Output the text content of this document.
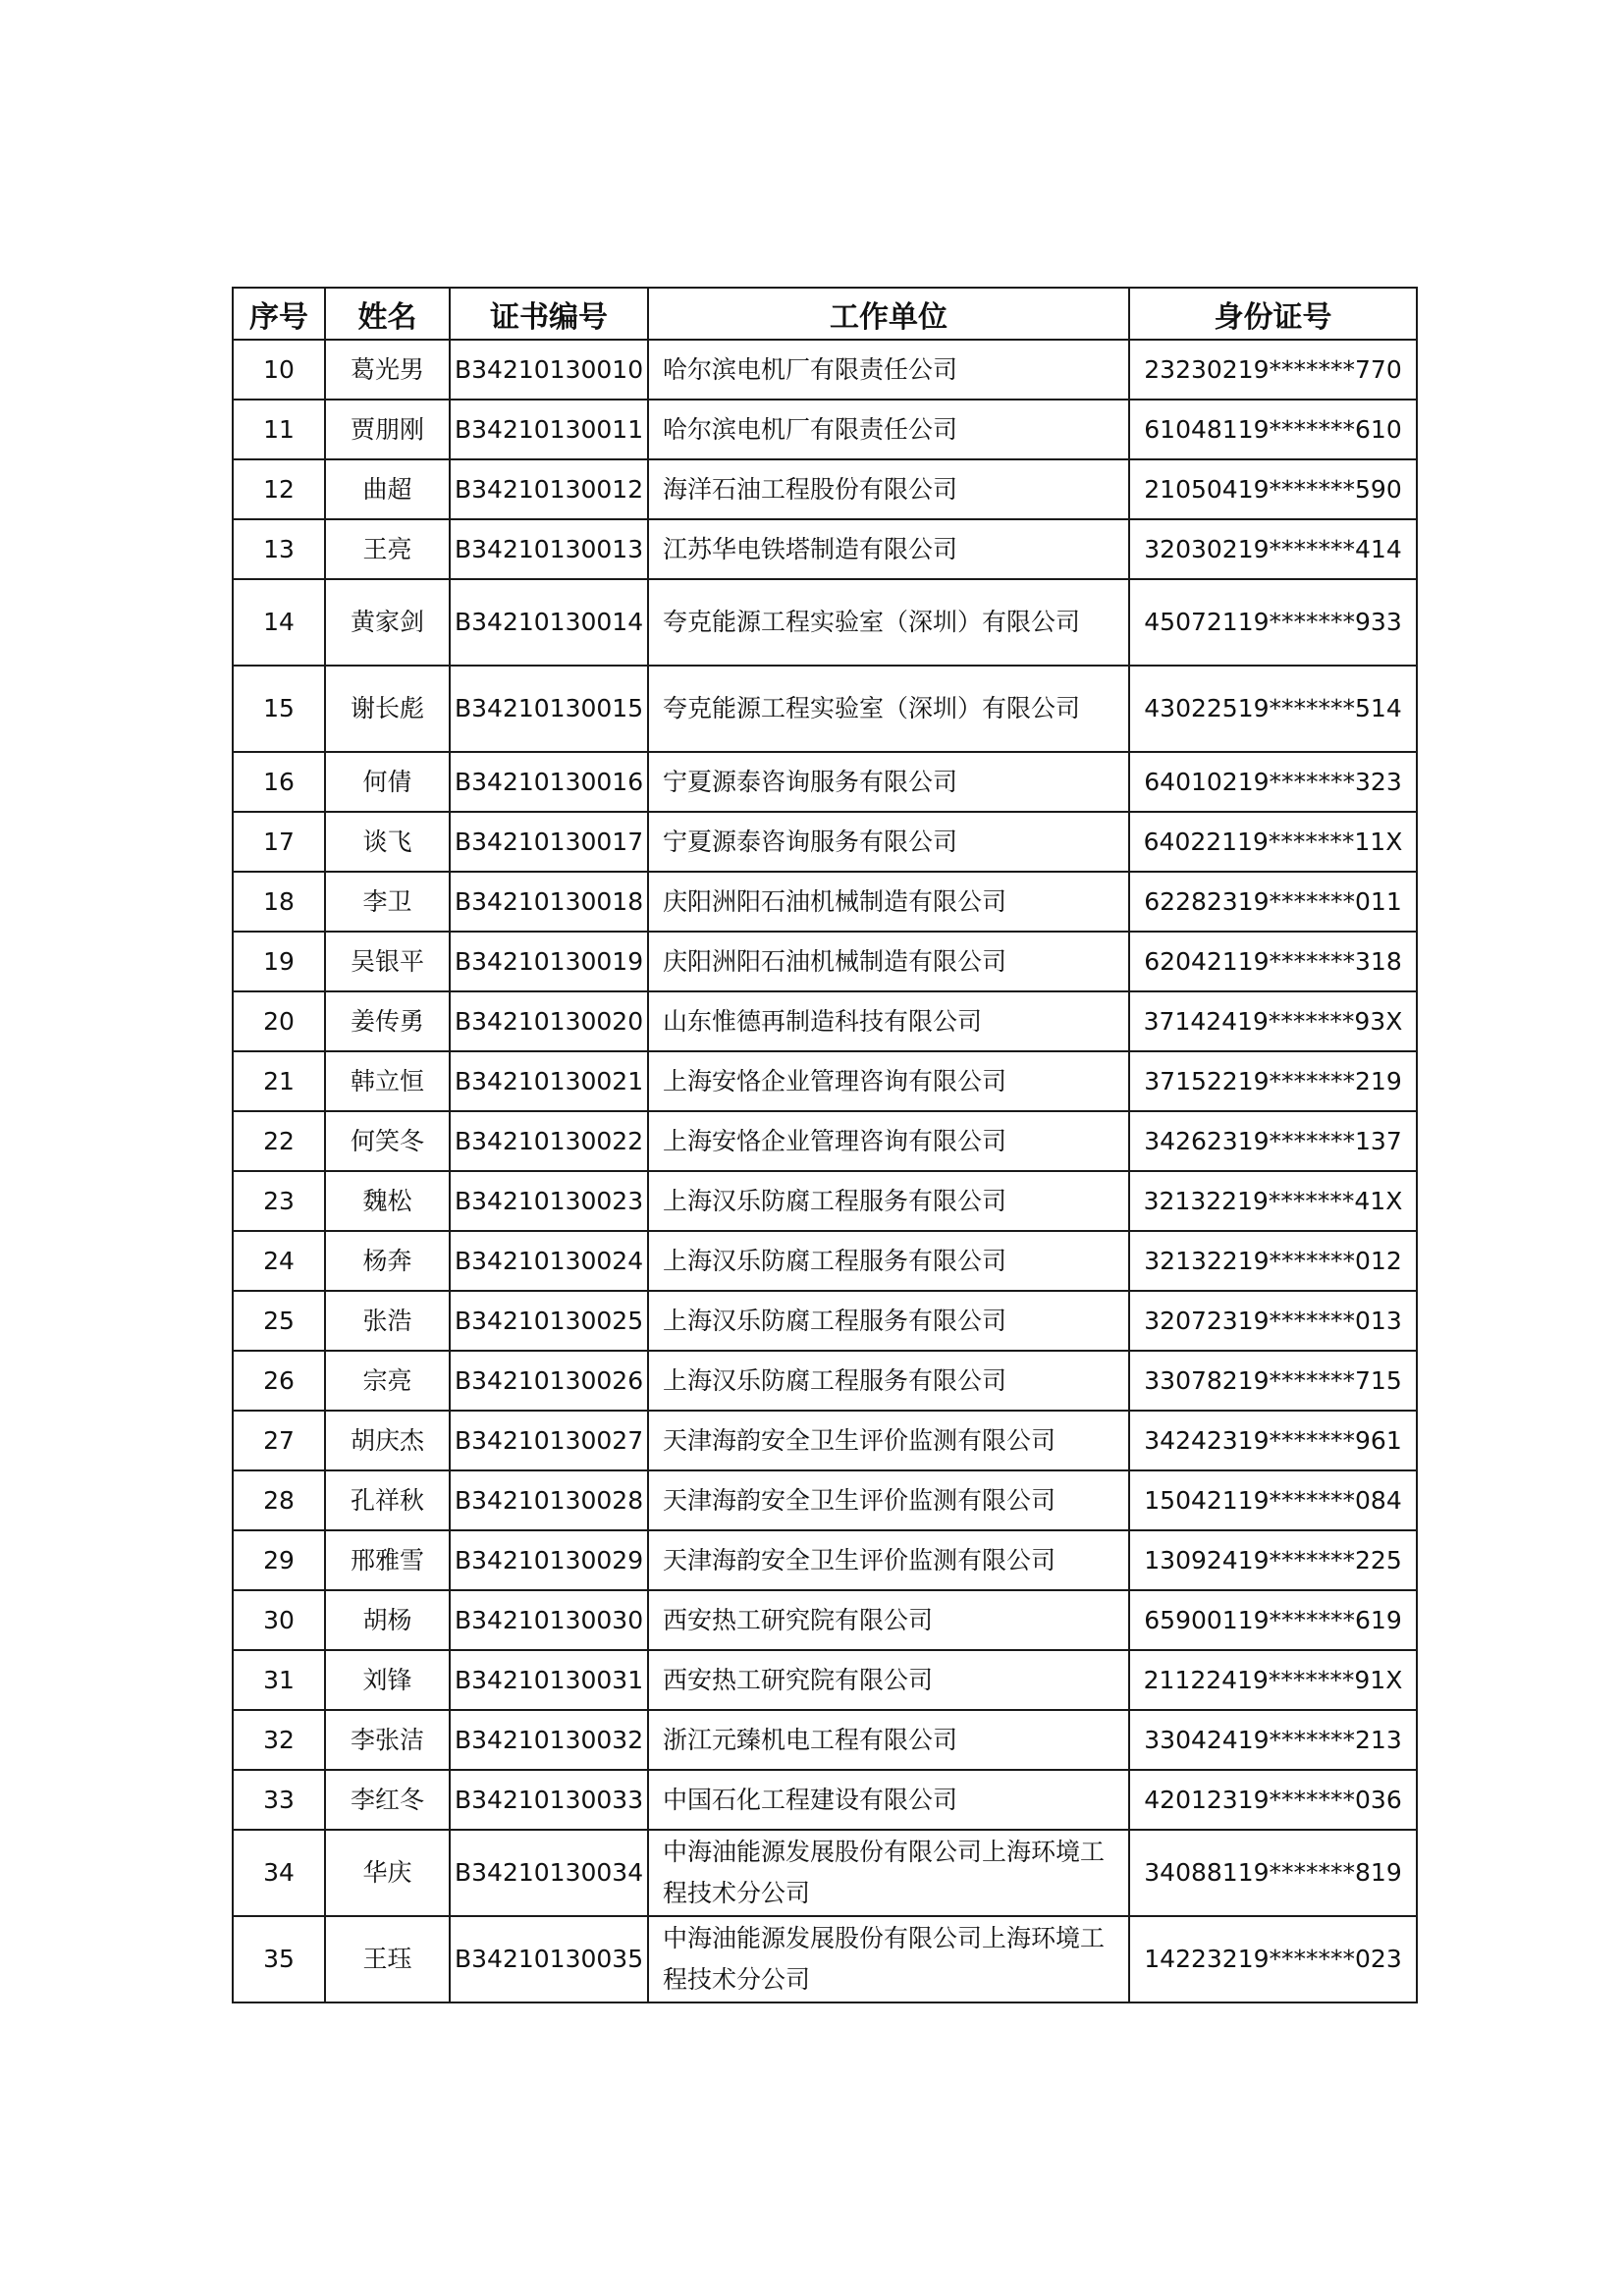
序号	姓名	证书编号	工作单位	身份证号
10	葛光男	B34210130010	哈尔滨电机厂有限责任公司	23230219*******770
11	贾朋刚	B34210130011	哈尔滨电机厂有限责任公司	61048119*******610
12	曲超	B34210130012	海洋石油工程股份有限公司	21050419*******590
13	王亮	B34210130013	江苏华电铁塔制造有限公司	32030219*******414
14	黄家剑	B34210130014	夸克能源工程实验室（深圳）有限公司	45072119*******933
15	谢长彪	B34210130015	夸克能源工程实验室（深圳）有限公司	43022519*******514
16	何倩	B34210130016	宁夏源泰咨询服务有限公司	64010219*******323
17	谈飞	B34210130017	宁夏源泰咨询服务有限公司	64022119*******11X
18	李卫	B34210130018	庆阳洲阳石油机械制造有限公司	62282319*******011
19	吴银平	B34210130019	庆阳洲阳石油机械制造有限公司	62042119*******318
20	姜传勇	B34210130020	山东惟德再制造科技有限公司	37142419*******93X
21	韩立恒	B34210130021	上海安恪企业管理咨询有限公司	37152219*******219
22	何笑冬	B34210130022	上海安恪企业管理咨询有限公司	34262319*******137
23	魏松	B34210130023	上海汉乐防腐工程服务有限公司	32132219*******41X
24	杨奔	B34210130024	上海汉乐防腐工程服务有限公司	32132219*******012
25	张浩	B34210130025	上海汉乐防腐工程服务有限公司	32072319*******013
26	宗亮	B34210130026	上海汉乐防腐工程服务有限公司	33078219*******715
27	胡庆杰	B34210130027	天津海韵安全卫生评价监测有限公司	34242319*******961
28	孔祥秋	B34210130028	天津海韵安全卫生评价监测有限公司	15042119*******084
29	邢雅雪	B34210130029	天津海韵安全卫生评价监测有限公司	13092419*******225
30	胡杨	B34210130030	西安热工研究院有限公司	65900119*******619
31	刘锋	B34210130031	西安热工研究院有限公司	21122419*******91X
32	李张洁	B34210130032	浙江元臻机电工程有限公司	33042419*******213
33	李红冬	B34210130033	中国石化工程建设有限公司	42012319*******036
34	华庆	B34210130034	中海油能源发展股份有限公司上海环境工程技术分公司	34088119*******819
35	王珏	B34210130035	中海油能源发展股份有限公司上海环境工程技术分公司	14223219*******023
